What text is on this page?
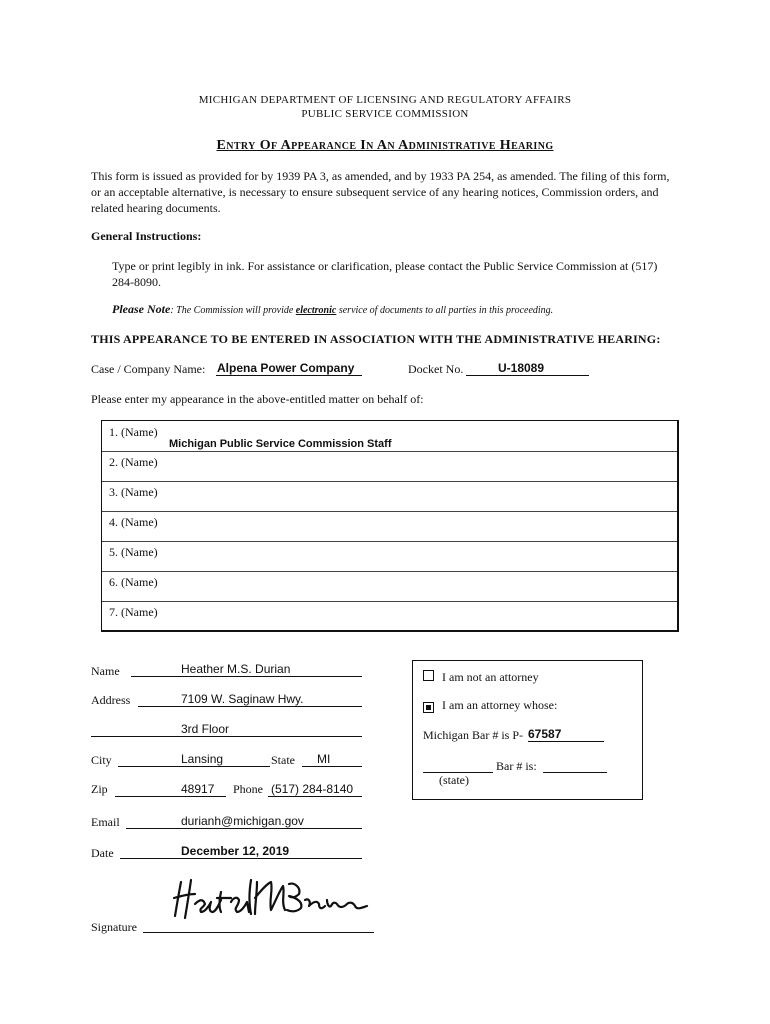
MICHIGAN DEPARTMENT OF LICENSING AND REGULATORY AFFAIRS
PUBLIC SERVICE COMMISSION
Entry Of Appearance In An Administrative Hearing
This form is issued as provided for by 1939 PA 3, as amended, and by 1933 PA 254, as amended. The filing of this form, or an acceptable alternative, is necessary to ensure subsequent service of any hearing notices, Commission orders, and related hearing documents.
General Instructions:
Type or print legibly in ink. For assistance or clarification, please contact the Public Service Commission at (517) 284-8090.
Please Note: The Commission will provide electronic service of documents to all parties in this proceeding.
THIS APPEARANCE TO BE ENTERED IN ASSOCIATION WITH THE ADMINISTRATIVE HEARING:
Case / Company Name: Alpena Power Company	Docket No.	U-18089
Please enter my appearance in the above-entitled matter on behalf of:
1. (Name)
Michigan Public Service Commission Staff
2. (Name)
3. (Name)
4. (Name)
5. (Name)
6. (Name)
7. (Name)
Name	Heather M.S. Durian
Address	7109 W. Saginaw Hwy.
3rd Floor
City	Lansing	State MI
Zip	48917 Phone (517) 284-8140
Email	durianh@michigan.gov
Date	December 12, 2019
Signature
I am not an attorney
I am an attorney whose:
Michigan Bar # is P- 67587
Bar # is:
(state)
